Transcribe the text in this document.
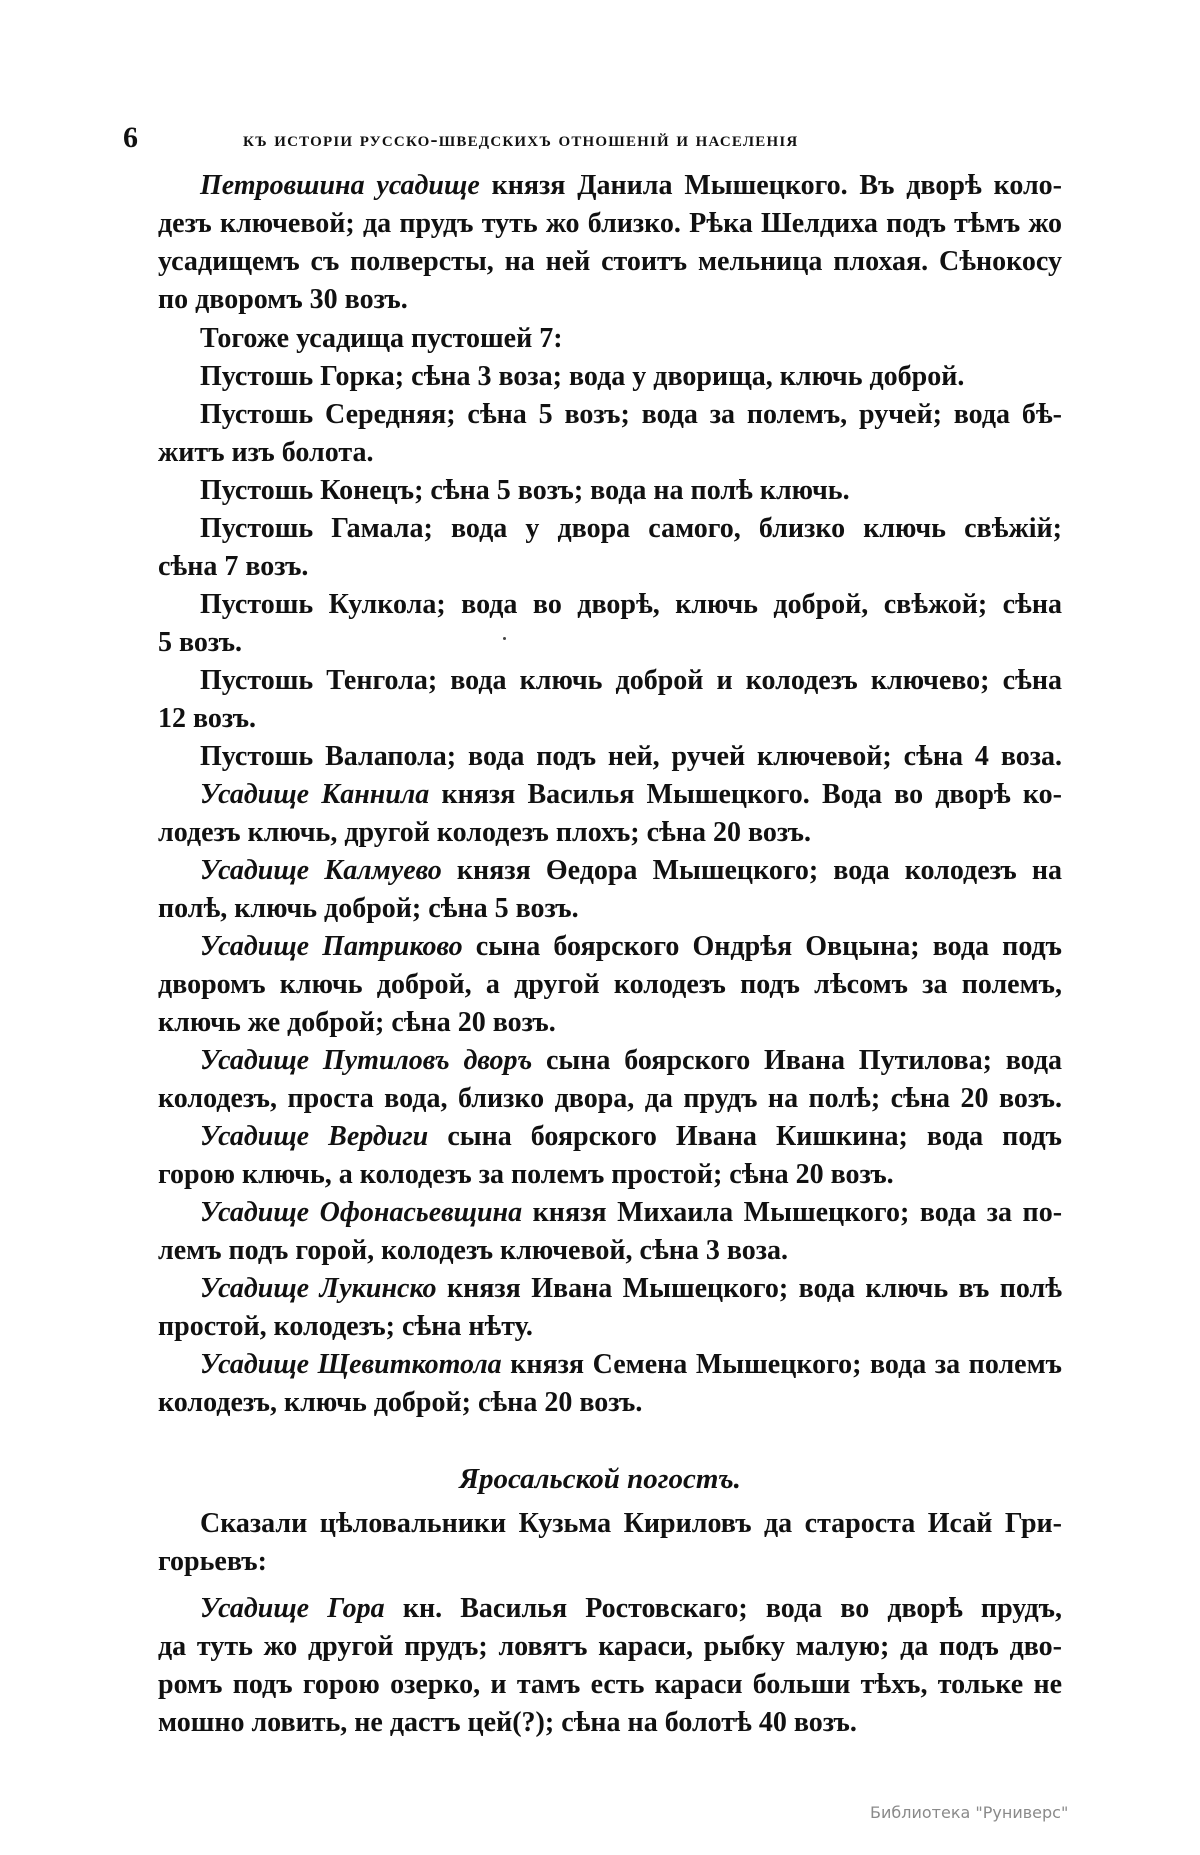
6	къ исторіи русско-шведскихъ отношеній и населенія
Петровшина усадище князя Данила Мышецкого. Въ дворѣ коло-
дезъ ключевой; да прудъ туть жо близко. Рѣка Шелдиха подъ тѣмъ жо
усадищемъ съ полверсты, на ней стоитъ мельница плохая. Сѣнокосу
по дворомъ 30 возъ.
Тогоже усадища пустошей 7:
Пустошь Горка; сѣна 3 воза; вода у дворища, ключь доброй.
Пустошь Середняя; сѣна 5 возъ; вода за полемъ, ручей; вода бѣ-
житъ изъ болота.
Пустошь Конецъ; сѣна 5 возъ; вода на полѣ ключь.
Пустошь Гамала; вода у двора самого, близко ключь свѣжій;
сѣна 7 возъ.
Пустошь Кулкола; вода во дворѣ, ключь доброй, свѣжой; сѣна
5 возъ.
Пустошь Тенгола; вода ключь доброй и колодезъ ключево; сѣна
12 возъ.
Пустошь Валапола; вода подъ ней, ручей ключевой; сѣна 4 воза.
Усадище Каннила князя Василья Мышецкого. Вода во дворѣ ко-
лодезъ ключь, другой колодезъ плохъ; сѣна 20 возъ.
Усадище Калмуево князя Өедора Мышецкого; вода колодезъ на
полѣ, ключь доброй; сѣна 5 возъ.
Усадище Патриково сына боярского Ондрѣя Овцына; вода подъ
дворомъ ключь доброй, а другой колодезъ подъ лѣсомъ за полемъ,
ключь же доброй; сѣна 20 возъ.
Усадище Путиловъ дворъ сына боярского Ивана Путилова; вода
колодезъ, проста вода, близко двора, да прудъ на полѣ; сѣна 20 возъ.
Усадище Вердиги сына боярского Ивана Кишкина; вода подъ
горою ключь, а колодезъ за полемъ простой; сѣна 20 возъ.
Усадище Офонасьевщина князя Михаила Мышецкого; вода за по-
лемъ подъ горой, колодезъ ключевой, сѣна 3 воза.
Усадище Лукинско князя Ивана Мышецкого; вода ключь въ полѣ
простой, колодезъ; сѣна нѣту.
Усадище Щевиткотола князя Семена Мышецкого; вода за полемъ
колодезъ, ключь доброй; сѣна 20 возъ.
Яросальской погостъ.
Сказали цѣловальники Кузьма Кириловъ да староста Исай Гри-
горьевъ:
Усадище Гора кн. Василья Ростовскаго; вода во дворѣ прудъ,
да туть жо другой прудъ; ловятъ караси, рыбку малую; да подъ дво-
ромъ подъ горою озерко, и тамъ есть караси больши тѣхъ, тольке не
мошно ловить, не дастъ цей(?); сѣна на болотѣ 40 возъ.
Библиотека "Руниверс"
